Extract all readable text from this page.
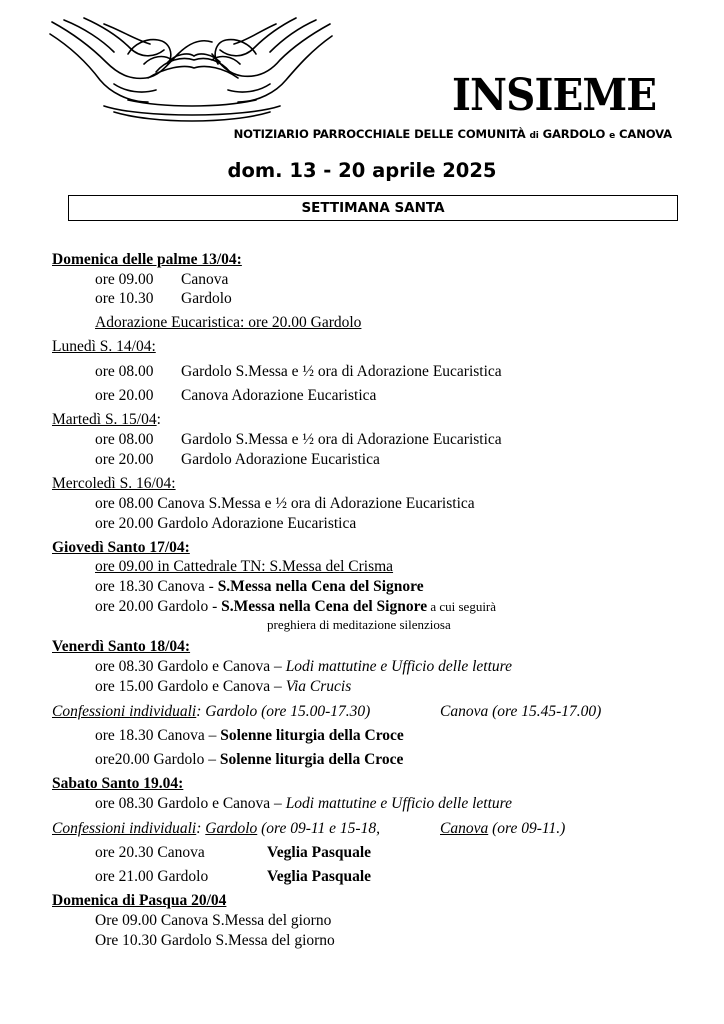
INSIEME
NOTIZIARIO PARROCCHIALE DELLE COMUNITÀ di GARDOLO e CANOVA
dom. 13 - 20 aprile 2025
SETTIMANA SANTA
Domenica delle palme 13/04:
ore 09.00 Canova
ore 10.30 Gardolo
Adorazione Eucaristica: ore 20.00 Gardolo
Lunedì S. 14/04:
ore 08.00 Gardolo S.Messa e ½ ora di Adorazione Eucaristica
ore 20.00 Canova Adorazione Eucaristica
Martedì S. 15/04:
ore 08.00 Gardolo S.Messa e ½ ora di Adorazione Eucaristica
ore 20.00 Gardolo Adorazione Eucaristica
Mercoledì S. 16/04:
ore 08.00 Canova S.Messa e ½ ora di Adorazione Eucaristica
ore 20.00 Gardolo Adorazione Eucaristica
Giovedì Santo 17/04:
ore 09.00 in Cattedrale TN: S.Messa del Crisma
ore 18.30 Canova - S.Messa nella Cena del Signore
ore 20.00 Gardolo - S.Messa nella Cena del Signore a cui seguirà
preghiera di meditazione silenziosa
Venerdì Santo 18/04:
ore 08.30 Gardolo e Canova – Lodi mattutine e Ufficio delle letture
ore 15.00 Gardolo e Canova – Via Crucis
Confessioni individuali: Gardolo (ore 15.00-17.30)	Canova (ore 15.45-17.00)
ore 18.30 Canova – Solenne liturgia della Croce
ore20.00 Gardolo – Solenne liturgia della Croce
Sabato Santo 19.04:
ore 08.30 Gardolo e Canova – Lodi mattutine e Ufficio delle letture
Confessioni individuali: Gardolo (ore 09-11 e 15-18,	Canova (ore 09-11.)
ore 20.30 Canova	Veglia Pasquale
ore 21.00 Gardolo	Veglia Pasquale
Domenica di Pasqua 20/04
Ore 09.00 Canova S.Messa del giorno
Ore 10.30 Gardolo S.Messa del giorno
